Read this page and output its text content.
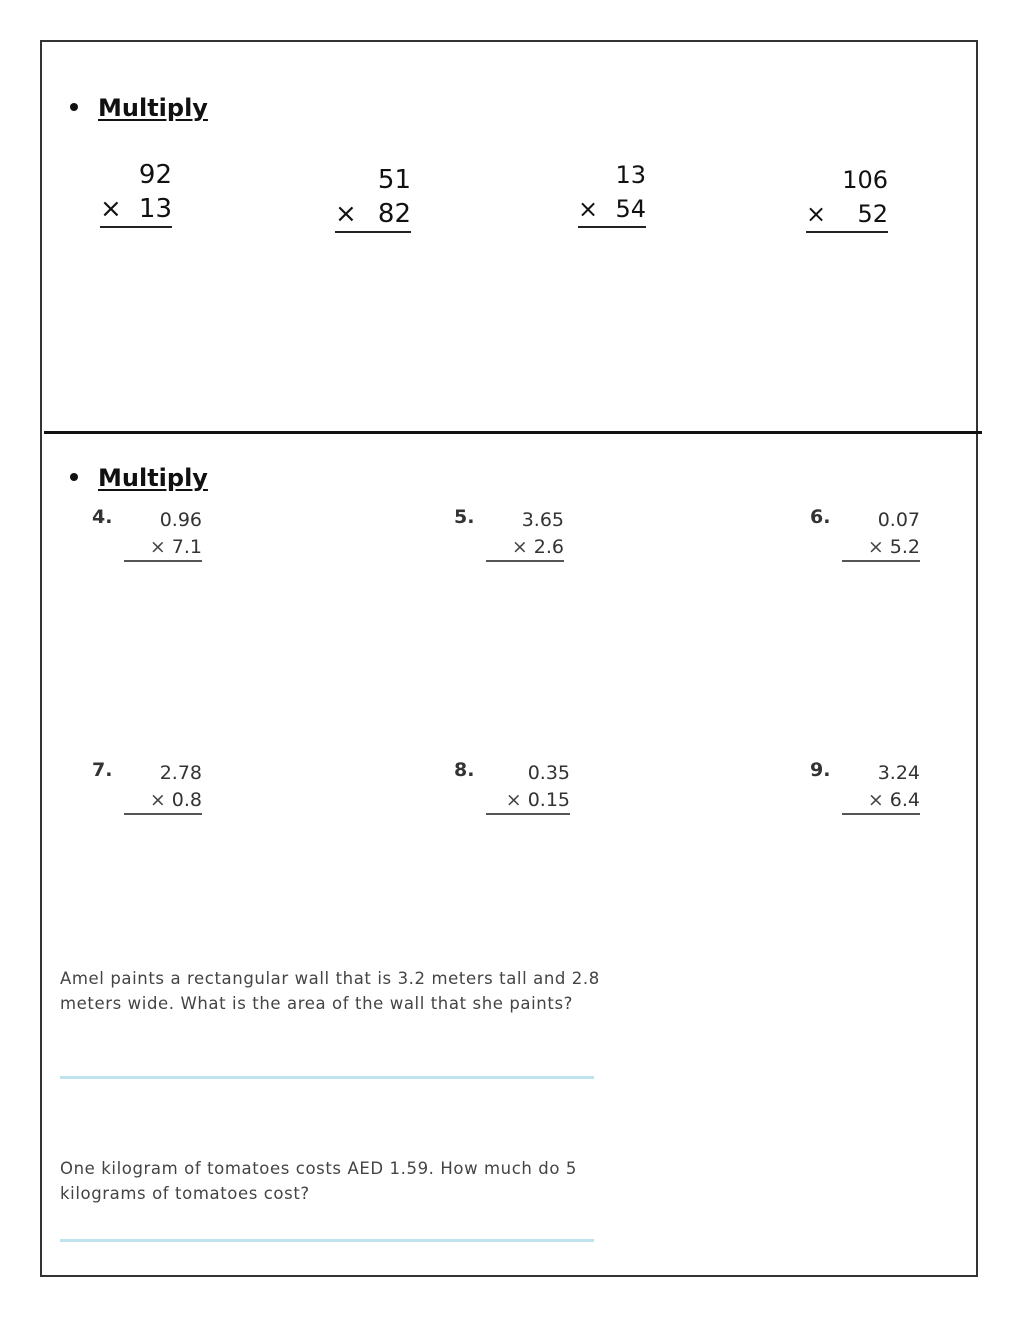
Multiply
92
× 13
51
× 82
13
× 54
106
×	52
Multiply
4.	0.96
× 7.1
5.	3.65
× 2.6
6.	0.07
× 5.2
7.	2.78
× 0.8
8.	0.35
× 0.15
9.	3.24
× 6.4
Amel paints a rectangular wall that is 3.2 meters tall and 2.8 meters wide. What is the area of the wall that she paints?
One kilogram of tomatoes costs AED 1.59. How much do 5 kilograms of tomatoes cost?
